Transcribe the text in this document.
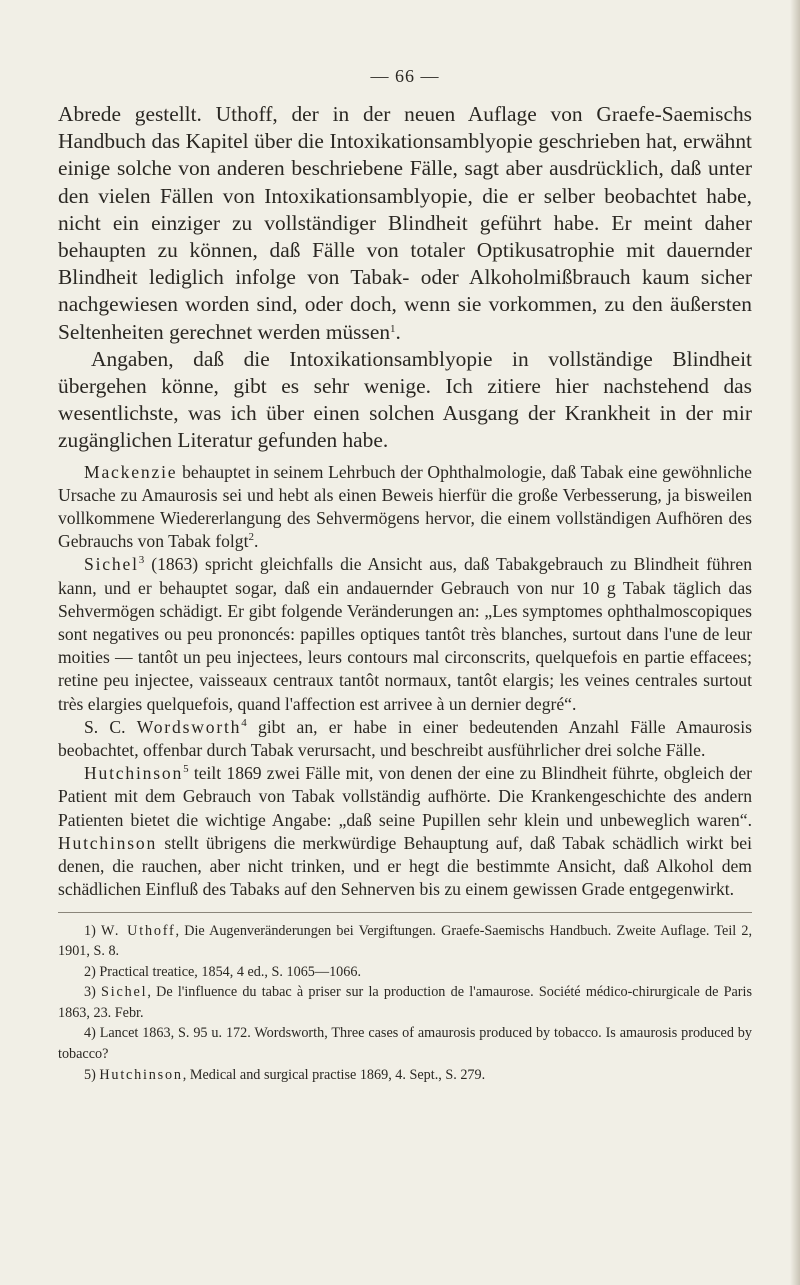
— 66 —

Abrede gestellt. Uthoff, der in der neuen Auflage von Graefe-Saemischs Handbuch das Kapitel über die Intoxikationsamblyopie geschrieben hat, erwähnt einige solche von anderen beschriebene Fälle, sagt aber ausdrücklich, daß unter den vielen Fällen von Intoxikationsamblyopie, die er selber beobachtet habe, nicht ein einziger zu vollständiger Blindheit geführt habe. Er meint daher behaupten zu können, daß Fälle von totaler Optikusatrophie mit dauernder Blindheit lediglich infolge von Tabak- oder Alkoholmißbrauch kaum sicher nachgewiesen worden sind, oder doch, wenn sie vorkommen, zu den äußersten Seltenheiten gerechnet werden müssen$^1$.

Angaben, daß die Intoxikationsamblyopie in vollständige Blindheit übergehen könne, gibt es sehr wenige. Ich zitiere hier nachstehend das wesentlichste, was ich über einen solchen Ausgang der Krankheit in der mir zugänglichen Literatur gefunden habe.

Mackenzie behauptet in seinem Lehrbuch der Ophthalmologie, daß Tabak eine gewöhnliche Ursache zu Amaurosis sei und hebt als einen Beweis hierfür die große Verbesserung, ja bisweilen vollkommene Wiedererlangung des Sehvermögens hervor, die einem vollständigen Aufhören des Gebrauchs von Tabak folgt$^2$.

Sichel$^3$ (1863) spricht gleichfalls die Ansicht aus, daß Tabakgebrauch zu Blindheit führen kann, und er behauptet sogar, daß ein andauernder Gebrauch von nur 10 g Tabak täglich das Sehvermögen schädigt. Er gibt folgende Veränderungen an: „Les symptomes ophthalmoscopiques sont negatives ou peu prononcés: papilles optiques tantôt très blanches, surtout dans l'une de leur moities — tantôt un peu injectees, leurs contours mal circonscrits, quelquefois en partie effacees; retine peu injectee, vaisseaux centraux tantôt normaux, tantôt elargis; les veines centrales surtout très elargies quelquefois, quand l'affection est arrivee à un dernier degré“.

S. C. Wordsworth$^4$ gibt an, er habe in einer bedeutenden Anzahl Fälle Amaurosis beobachtet, offenbar durch Tabak verursacht, und beschreibt ausführlicher drei solche Fälle.

Hutchinson$^5$ teilt 1869 zwei Fälle mit, von denen der eine zu Blindheit führte, obgleich der Patient mit dem Gebrauch von Tabak vollständig aufhörte. Die Krankengeschichte des andern Patienten bietet die wichtige Angabe: „daß seine Pupillen sehr klein und unbeweglich waren“. Hutchinson stellt übrigens die merkwürdige Behauptung auf, daß Tabak schädlich wirkt bei denen, die rauchen, aber nicht trinken, und er hegt die bestimmte Ansicht, daß Alkohol dem schädlichen Einfluß des Tabaks auf den Sehnerven bis zu einem gewissen Grade entgegenwirkt.

1) W. Uthoff, Die Augenveränderungen bei Vergiftungen. Graefe-Saemischs Handbuch. Zweite Auflage. Teil 2, 1901, S. 8.

2) Practical treatice, 1854, 4 ed., S. 1065—1066.

3) Sichel, De l'influence du tabac à priser sur la production de l'amaurose. Société médico-chirurgicale de Paris 1863, 23. Febr.

4) Lancet 1863, S. 95 u. 172. Wordsworth, Three cases of amaurosis produced by tobacco. Is amaurosis produced by tobacco?

5) Hutchinson, Medical and surgical practise 1869, 4. Sept., S. 279.
